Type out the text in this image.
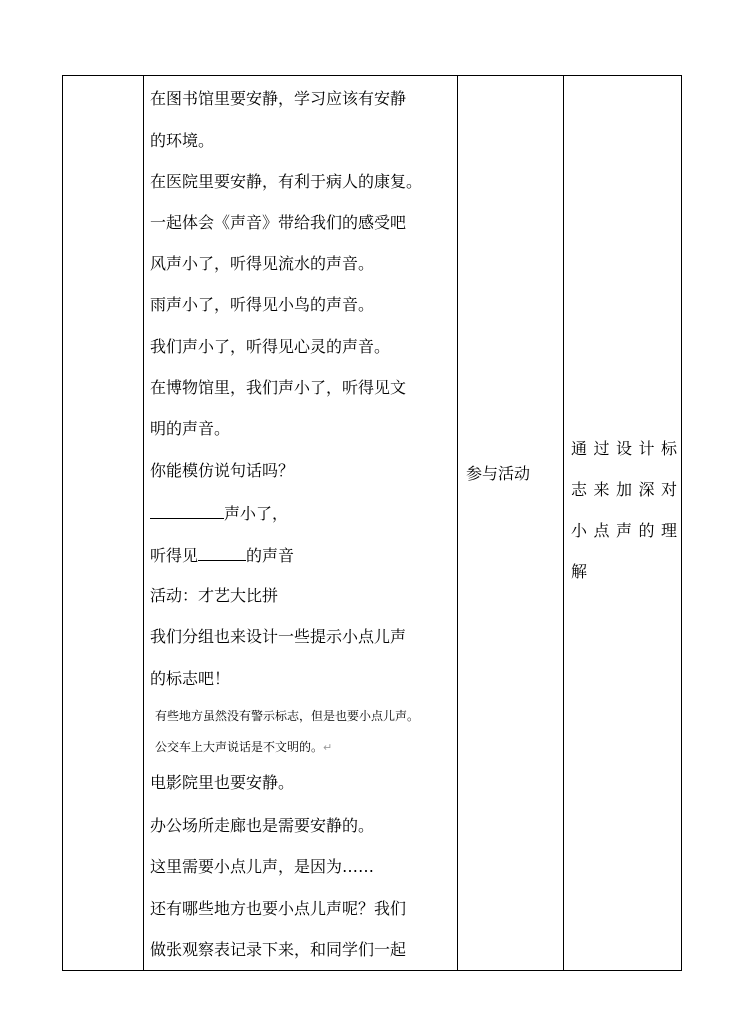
在图书馆里要安静，学习应该有安静
的环境。
在医院里要安静，有利于病人的康复。
一起体会《声音》带给我们的感受吧
风声小了，听得见流水的声音。
雨声小了，听得见小鸟的声音。
我们声小了，听得见心灵的声音。
在博物馆里，我们声小了，听得见文
明的声音。
你能模仿说句话吗？
声小了，
听得见	的声音
活动：才艺大比拼
我们分组也来设计一些提示小点儿声
的标志吧！
有些地方虽然没有警示标志，但是也要小点儿声。
公交车上大声说话是不文明的。↵
电影院里也要安静。
办公场所走廊也是需要安静的。
这里需要小点儿声，是因为……
还有哪些地方也要小点儿声呢？我们
做张观察表记录下来，和同学们一起
参与活动
通 过 设 计 标
志 来 加 深 对
小 点 声 的 理
解
